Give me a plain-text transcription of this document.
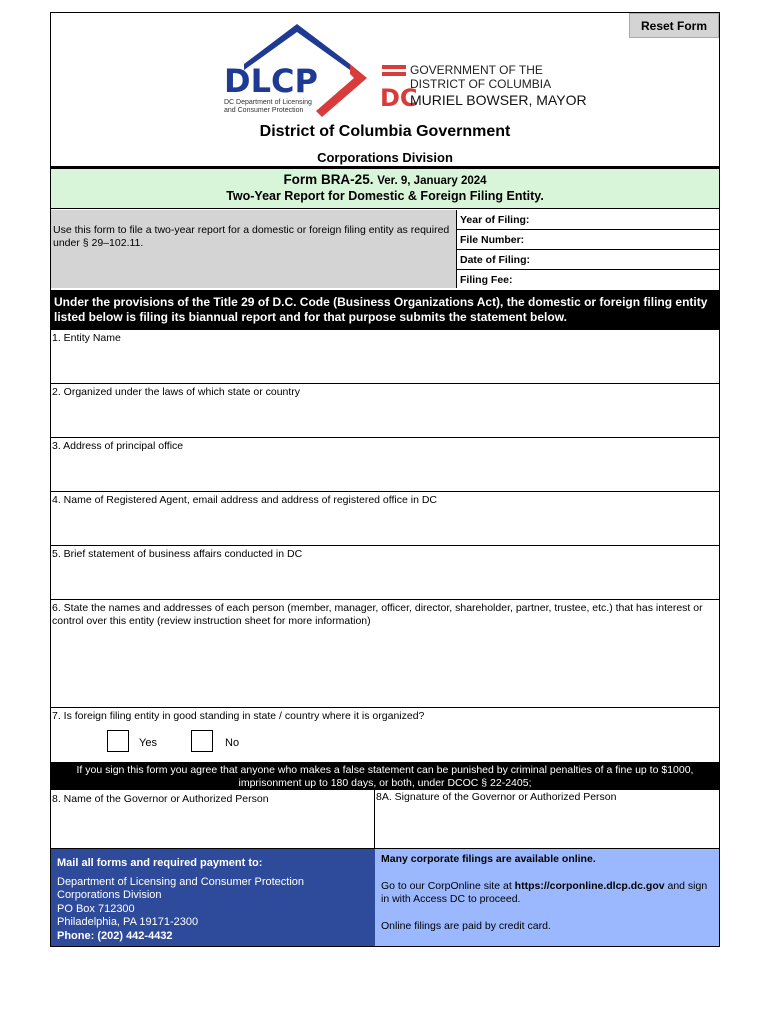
Reset Form
DLCP
DC Department of Licensing
and Consumer Protection	DC
GOVERNMENT OF THE
DISTRICT OF COLUMBIA
MURIEL BOWSER, MAYOR
District of Columbia Government
Corporations Division
Form BRA-25. Ver. 9, January 2024
Two-Year Report for Domestic & Foreign Filing Entity.
Use this form to file a two-year report for a domestic or foreign filing entity as required under § 29–102.11.
Year of Filing:
File Number:
Date of Filing:
Filing Fee:
Under the provisions of the Title 29 of D.C. Code (Business Organizations Act), the domestic or foreign filing entity listed below is filing its biannual report and for that purpose submits the statement below.
1. Entity Name
2. Organized under the laws of which state or country
3. Address of principal office
4. Name of Registered Agent, email address and address of registered office in DC
5. Brief statement of business affairs conducted in DC
6. State the names and addresses of each person (member, manager, officer, director, shareholder, partner, trustee, etc.) that has interest or control over this entity (review instruction sheet for more information)
7. Is foreign filing entity in good standing in state / country where it is organized?
Yes	No
If you sign this form you agree that anyone who makes a false statement can be punished by criminal penalties of a fine up to $1000, imprisonment up to 180 days, or both, under DCOC § 22-2405;
8. Name of the Governor or Authorized Person	8A. Signature of the Governor or Authorized Person
Mail all forms and required payment to:
Department of Licensing and Consumer Protection
Corporations Division
PO Box 712300
Philadelphia, PA 19171-2300
Phone: (202) 442-4432
Many corporate filings are available online.
Go to our CorpOnline site at https://corponline.dlcp.dc.gov and sign in with Access DC to proceed.
Online filings are paid by credit card.
